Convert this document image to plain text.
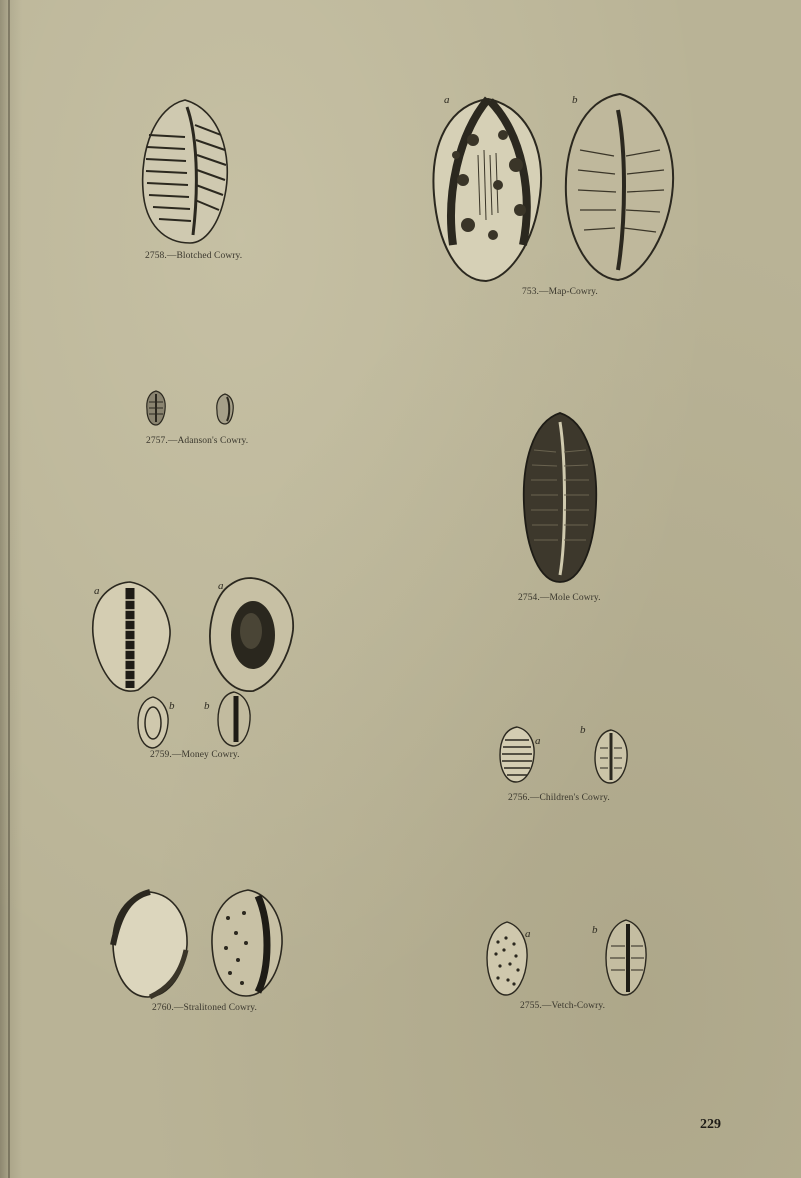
2758.—Blotched Cowry.
a	b
753.—Map-Cowry.
2757.—Adanson's Cowry.
2754.—Mole Cowry.
a	a
b	b
2759.—Money Cowry.
a
b
2756.—Children's Cowry.
2760.—Stralitoned Cowry.
a	b
2755.—Vetch-Cowry.
229
